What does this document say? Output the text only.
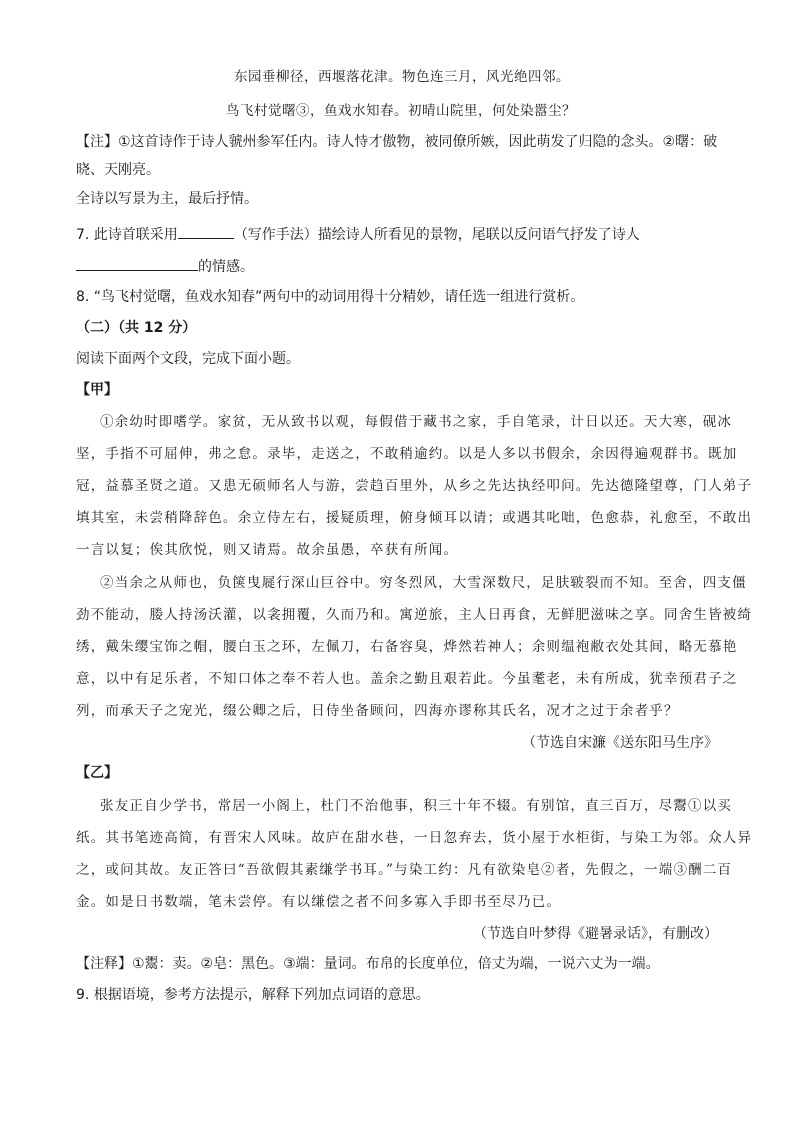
东园垂柳径，西堰落花津。物色连三月，风光绝四邻。
鸟飞村觉曙③，鱼戏水知春。初晴山院里，何处染嚣尘？
【注】①这首诗作于诗人虢州参军任内。诗人恃才傲物，被同僚所嫉，因此萌发了归隐的念头。②曙：破
晓、天刚亮。
全诗以写景为主，最后抒情。
7. 此诗首联采用	（写作手法）描绘诗人所看见的景物，尾联以反问语气抒发了诗人
的情感。
8. “鸟飞村觉曙，鱼戏水知春”两句中的动词用得十分精妙，请任选一组进行赏析。
（二）（共 12 分）
阅读下面两个文段，完成下面小题。
【甲】
①余幼时即嗜学。家贫，无从致书以观，每假借于藏书之家，手自笔录，计日以还。天大寒，砚冰
坚，手指不可屈伸，弗之怠。录毕，走送之，不敢稍逾约。以是人多以书假余，余因得遍观群书。既加
冠，益慕圣贤之道。又患无硕师名人与游，尝趋百里外，从乡之先达执经叩问。先达德隆望尊，门人弟子
填其室，未尝稍降辞色。余立侍左右，援疑质理，俯身倾耳以请；或遇其叱咄，色愈恭，礼愈至，不敢出
一言以复；俟其欣悦，则又请焉。故余虽愚，卒获有所闻。
②当余之从师也，负箧曳屣行深山巨谷中。穷冬烈风，大雪深数尺，足肤皲裂而不知。至舍，四支僵
劲不能动，媵人持汤沃灌，以衾拥覆，久而乃和。寓逆旅，主人日再食，无鲜肥滋味之享。同舍生皆被绮
绣，戴朱缨宝饰之帽，腰白玉之环，左佩刀，右备容臭，烨然若神人；余则缊袍敝衣处其间，略无慕艳
意，以中有足乐者，不知口体之奉不若人也。盖余之勤且艰若此。今虽耄老，未有所成，犹幸预君子之
列，而承天子之宠光，缀公卿之后，日侍坐备顾问，四海亦谬称其氏名，况才之过于余者乎？
（节选自宋濂《送东阳马生序》
【乙】
张友正自少学书，常居一小阁上，杜门不治他事，积三十年不辍。有别馆，直三百万，尽鬻①以买
纸。其书笔迹高简，有晋宋人风味。故庐在甜水巷，一日忽弃去，货小屋于水柜街，与染工为邻。众人异
之，或问其故。友正答曰“吾欲假其素缣学书耳。”与染工约：凡有欲染皂②者，先假之，一端③酬二百
金。如是日书数端，笔未尝停。有以缣偿之者不问多寡入手即书至尽乃已。
（节选自叶梦得《避暑录话》，有删改）
【注释】①鬻：卖。②皂：黑色。③端：量词。布帛的长度单位，倍丈为端，一说六丈为一端。
9. 根据语境，参考方法提示，解释下列加点词语的意思。
